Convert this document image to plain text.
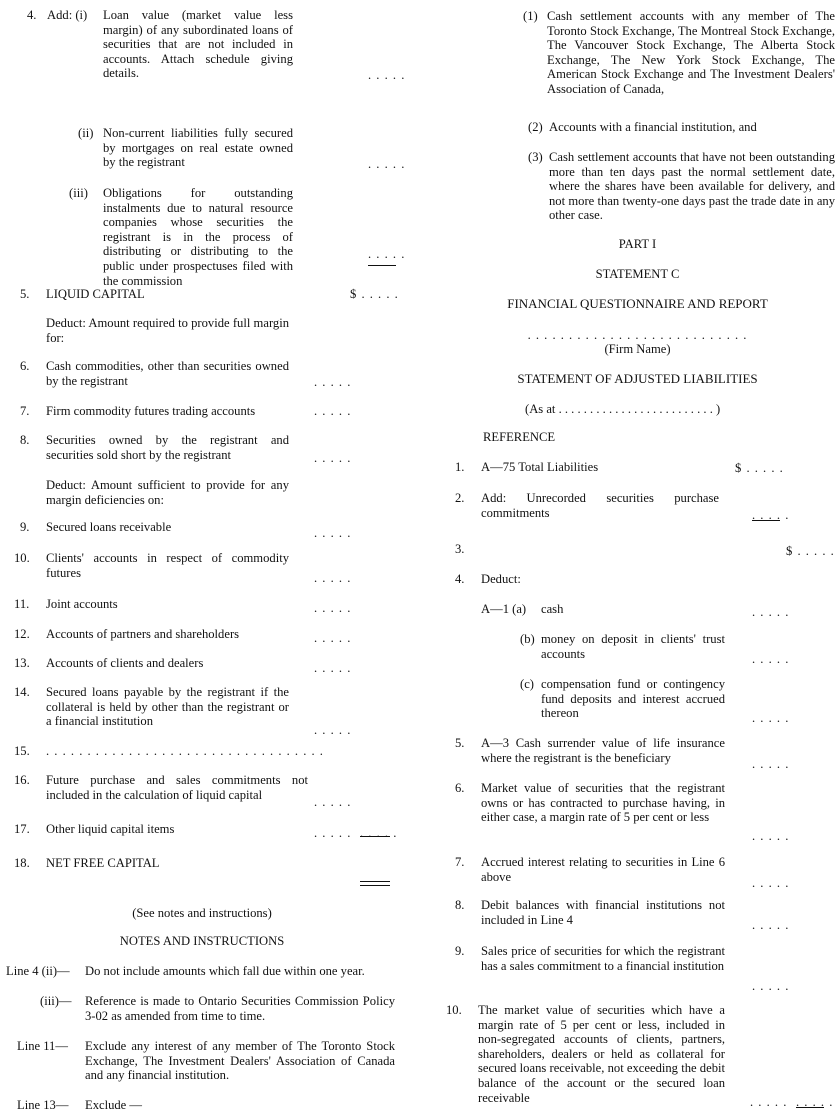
4. Add: (i) Loan value (market value less margin) of any subordinated loans of securities that are not included in accounts. Attach schedule giving details.	. . . . .
(ii) Non-current liabilities fully secured by mortgages on real estate owned by the registrant	. . . . .
(iii) Obligations for outstanding instalments due to natural resource companies whose securities the registrant is in the process of distributing or distributing to the public under prospectuses filed with the commission
. . . . .
5. LIQUID CAPITAL	$ . . . . .
Deduct: Amount required to provide full margin for:
6. Cash commodities, other than securities owned by the registrant	. . . . .
7. Firm commodity futures trading accounts	. . . . .
8. Securities owned by the registrant and securities sold short by the registrant	. . . . .
Deduct: Amount sufficient to provide for any margin deficiencies on:
9. Secured loans receivable	. . . . .
10. Clients' accounts in respect of commodity futures	. . . . .
11. Joint accounts	. . . . .
12. Accounts of partners and shareholders	. . . . .
13. Accounts of clients and dealers	. . . . .
14. Secured loans payable by the registrant if the collateral is held by other than the registrant or a financial institution
. . . . .
15. . . . . . . . . . . . . . . . . . . . . . . . . . . . . . . . . . .
16. Future purchase and sales commitments not included in the calculation of liquid capital
. . . . .
17. Other liquid capital items	. . . . . . . . . .
18. NET FREE CAPITAL
(See notes and instructions)
NOTES AND INSTRUCTIONS
Line 4 (ii)— Do not include amounts which fall due within one year.
(iii)— Reference is made to Ontario Securities Commission Policy 3-02 as amended from time to time.
Line 11— Exclude any interest of any member of The Toronto Stock Exchange, The Investment Dealers' Association of Canada and any financial institution.
Line 13— Exclude —
(1) Cash settlement accounts with any member of The Toronto Stock Exchange, The Montreal Stock Exchange, The Vancouver Stock Exchange, The Alberta Stock Exchange, The New York Stock Exchange, The American Stock Exchange and The Investment Dealers' Association of Canada,
(2) Accounts with a financial institution, and
(3) Cash settlement accounts that have not been outstanding more than ten days past the normal settlement date, where the shares have been available for delivery, and not more than twenty-one days past the trade date in any other case.
PART I
STATEMENT C
FINANCIAL QUESTIONNAIRE AND REPORT
. . . . . . . . . . . . . . . . . . . . . . . . . . .
(Firm Name)
STATEMENT OF ADJUSTED LIABILITIES
(As at . . . . . . . . . . . . . . . . . . . . . . . . . )
REFERENCE
1. A—75 Total Liabilities	$ . . . . .
2. Add: Unrecorded securities purchase commitments	. . . . .
3.	$ . . . . .
4. Deduct:
A—1 (a) cash	. . . . .
(b) money on deposit in clients' trust accounts	. . . . .
(c) compensation fund or contingency fund deposits and interest accrued thereon	. . . . .
5. A—3 Cash surrender value of life insurance where the registrant is the beneficiary	. . . . .
6. Market value of securities that the registrant owns or has contracted to purchase having, in either case, a margin rate of 5 per cent or less
. . . . .
7. Accrued interest relating to securities in Line 6 above	. . . . .
8. Debit balances with financial institutions not included in Line 4	. . . . .
9. Sales price of securities for which the registrant has a sales commitment to a financial institution
. . . . .
10. The market value of securities which have a margin rate of 5 per cent or less, included in non-segregated accounts of clients, partners, shareholders, dealers or held as collateral for secured loans receivable, not exceeding the debit balance of the account or the secured loan receivable	. . . . . . . . . .
